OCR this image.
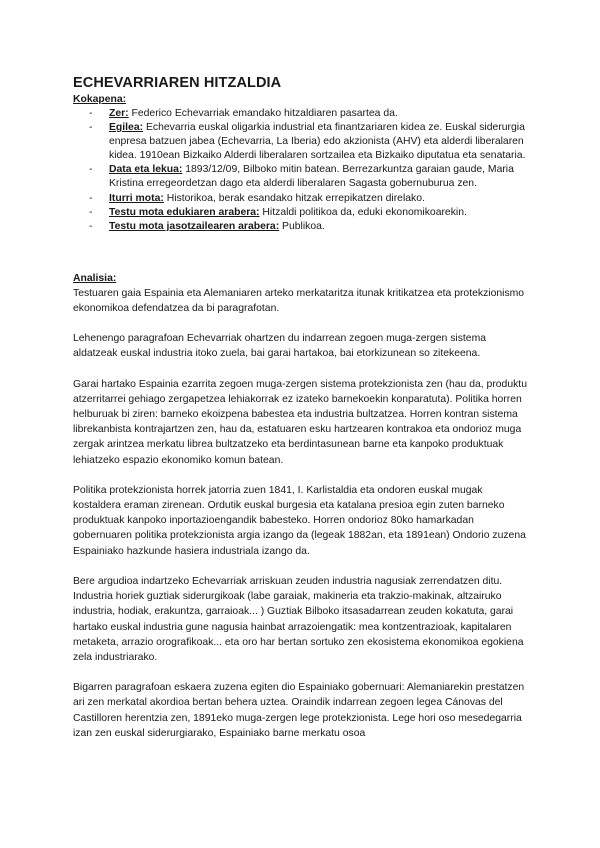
ECHEVARRIAREN HITZALDIA
Kokapena:
- Zer: Federico Echevarriak emandako hitzaldiaren pasartea da.
- Egilea: Echevarria euskal oligarkia industrial eta finantzariaren kidea ze. Euskal siderurgia enpresa batzuen jabea (Echevarria, La Iberia) edo akzionista (AHV) eta alderdi liberalaren kidea. 1910ean Bizkaiko Alderdi liberalaren sortzailea eta Bizkaiko diputatua eta senataria.
- Data eta lekua: 1893/12/09, Bilboko mitin batean. Berrezarkuntza garaian gaude, Maria Kristina erregeordetzan dago eta alderdi liberalaren Sagasta gobernuburua zen.
- Iturri mota: Historikoa, berak esandako hitzak errepikatzen direlako.
- Testu mota edukiaren arabera: Hitzaldi politikoa da, eduki ekonomikoarekin.
- Testu mota jasotzailearen arabera: Publikoa.
Analisia:

Testuaren gaia Espainia eta Alemaniaren arteko merkataritza itunak kritikatzea eta protekzionismo ekonomikoa defendatzea da bi paragrafotan.

Lehenengo paragrafoan Echevarriak ohartzen du indarrean zegoen muga-zergen sistema aldatzeak euskal industria itoko zuela, bai garai hartakoa, bai etorkizunean so zitekeena.

Garai hartako Espainia ezarrita zegoen muga-zergen sistema protekzionista zen (hau da, produktu atzerritarrei gehiago zergapetzea lehiakorrak ez izateko barnekoekin konparatuta). Politika horren helburuak bi ziren: barneko ekoizpena babestea eta industria bultzatzea. Horren kontran sistema librekanbista kontrajartzen zen, hau da, estatuaren esku hartzearen kontrakoa eta ondorioz muga zergak arintzea merkatu librea bultzatzeko eta berdintasunean barne eta kanpoko produktuak lehiatzeko espazio ekonomiko komun batean.

Politika protekzionista horrek jatorria zuen 1841, I. Karlistaldia eta ondoren euskal mugak kostaldera eraman zirenean. Ordutik euskal burgesia eta katalana presioa egin zuten barneko produktuak kanpoko inportazioengandik babesteko. Horren ondorioz 80ko hamarkadan gobernuaren politika protekzionista argia izango da (legeak 1882an, eta 1891ean) Ondorio zuzena Espainiako hazkunde hasiera industriala izango da.

Bere argudioa indartzeko Echevarriak arriskuan zeuden industria nagusiak zerrendatzen ditu. Industria horiek guztiak siderurgikoak (labe garaiak, makineria eta trakzio-makinak, altzairuko industria, hodiak, erakuntza, garraioak... ) Guztiak Bilboko itsasadarrean zeuden kokatuta, garai hartako euskal industria gune nagusia hainbat arrazoiengatik: mea kontzentrazioak, kapitalaren metaketa, arrazio orografikoak... eta oro har bertan sortuko zen ekosistema ekonomikoa egokiena zela industriarako.

Bigarren paragrafoan eskaera zuzena egiten dio Espainiako gobernuari: Alemaniarekin prestatzen ari zen merkatal akordioa bertan behera uztea. Oraindik indarrean zegoen legea Cánovas del Castilloren herentzia zen, 1891eko muga-zergen lege protekzionista. Lege hori oso mesedegarria izan zen euskal siderurgiarako, Espainiako barne merkatu osoa
